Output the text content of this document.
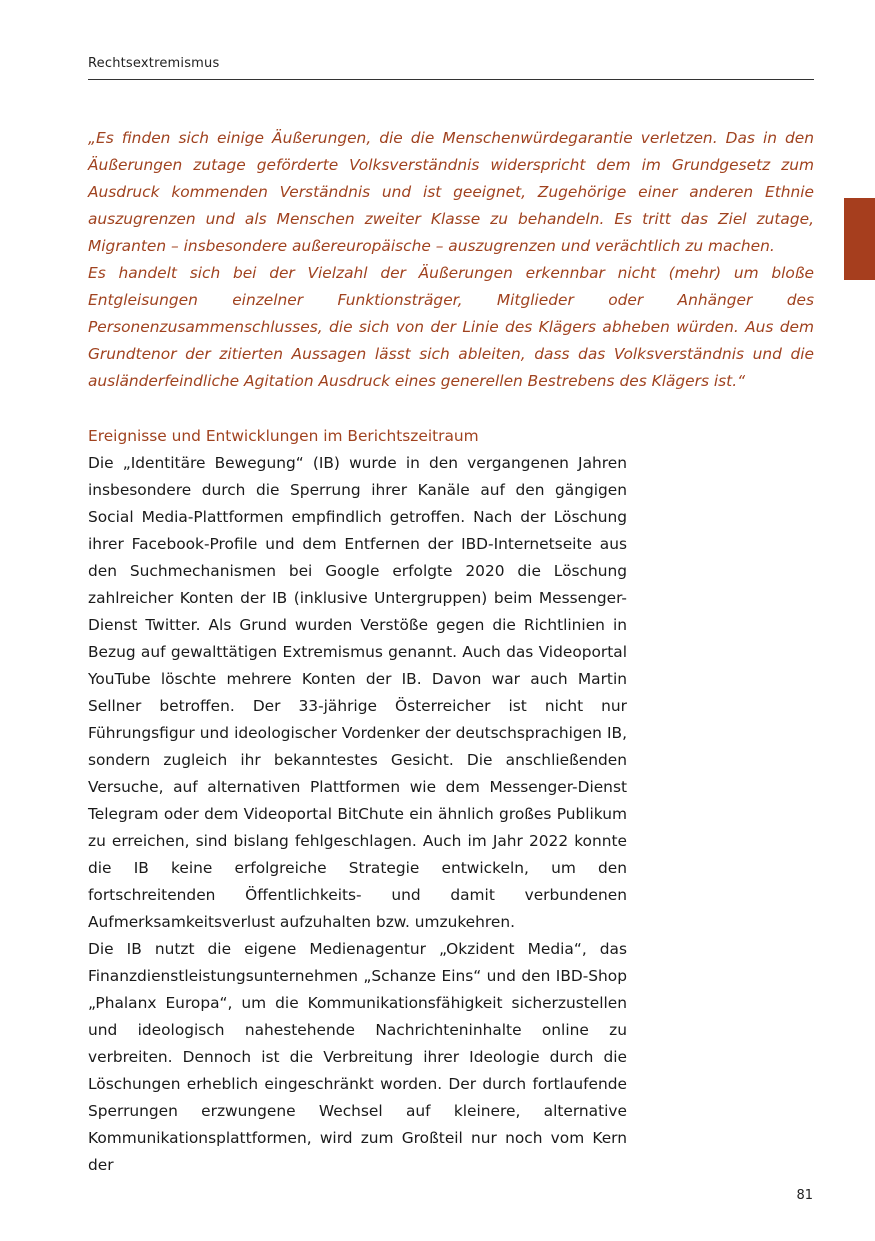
Rechtsextremismus

„Es finden sich einige Äußerungen, die die Menschenwürdegarantie verletzen. Das in den Äußerungen zutage geförderte Volksverständnis widerspricht dem im Grundgesetz zum Ausdruck kommenden Verständnis und ist geeignet, Zugehörige einer anderen Ethnie auszugrenzen und als Menschen zweiter Klasse zu behandeln. Es tritt das Ziel zutage, Migranten – insbesondere außereuropäische – auszugrenzen und verächtlich zu machen.

Es handelt sich bei der Vielzahl der Äußerungen erkennbar nicht (mehr) um bloße Entgleisungen einzelner Funktionsträger, Mitglieder oder Anhänger des Personenzusammenschlusses, die sich von der Linie des Klägers abheben würden. Aus dem Grundtenor der zitierten Aussagen lässt sich ableiten, dass das Volksverständnis und die ausländerfeindliche Agitation Ausdruck eines generellen Bestrebens des Klägers ist.“

Ereignisse und Entwicklungen im Berichtszeitraum

Die „Identitäre Bewegung“ (IB) wurde in den vergangenen Jahren insbesondere durch die Sperrung ihrer Kanäle auf den gängigen Social Media-Plattformen empfindlich getroffen. Nach der Löschung ihrer Facebook-Profile und dem Entfernen der IBD-Internetseite aus den Suchmechanismen bei Google erfolgte 2020 die Löschung zahlreicher Konten der IB (inklusive Untergruppen) beim Messenger-Dienst Twitter. Als Grund wurden Verstöße gegen die Richtlinien in Bezug auf gewalttätigen Extremismus genannt. Auch das Videoportal YouTube löschte mehrere Konten der IB. Davon war auch Martin Sellner betroffen. Der 33-jährige Österreicher ist nicht nur Führungsfigur und ideologischer Vordenker der deutschsprachigen IB, sondern zugleich ihr bekanntestes Gesicht. Die anschließenden Versuche, auf alternativen Plattformen wie dem Messenger-Dienst Telegram oder dem Videoportal BitChute ein ähnlich großes Publikum zu erreichen, sind bislang fehlgeschlagen. Auch im Jahr 2022 konnte die IB keine erfolgreiche Strategie entwickeln, um den fortschreitenden Öffentlichkeits- und damit verbundenen Aufmerksamkeitsverlust aufzuhalten bzw. umzukehren.

Die IB nutzt die eigene Medienagentur „Okzident Media“, das Finanzdienstleistungsunternehmen „Schanze Eins“ und den IBD-Shop „Phalanx Europa“, um die Kommunikationsfähigkeit sicherzustellen und ideologisch nahestehende Nachrichteninhalte online zu verbreiten. Dennoch ist die Verbreitung ihrer Ideologie durch die Löschungen erheblich eingeschränkt worden. Der durch fortlaufende Sperrungen erzwungene Wechsel auf kleinere, alternative Kommunikationsplattformen, wird zum Großteil nur noch vom Kern der

81
